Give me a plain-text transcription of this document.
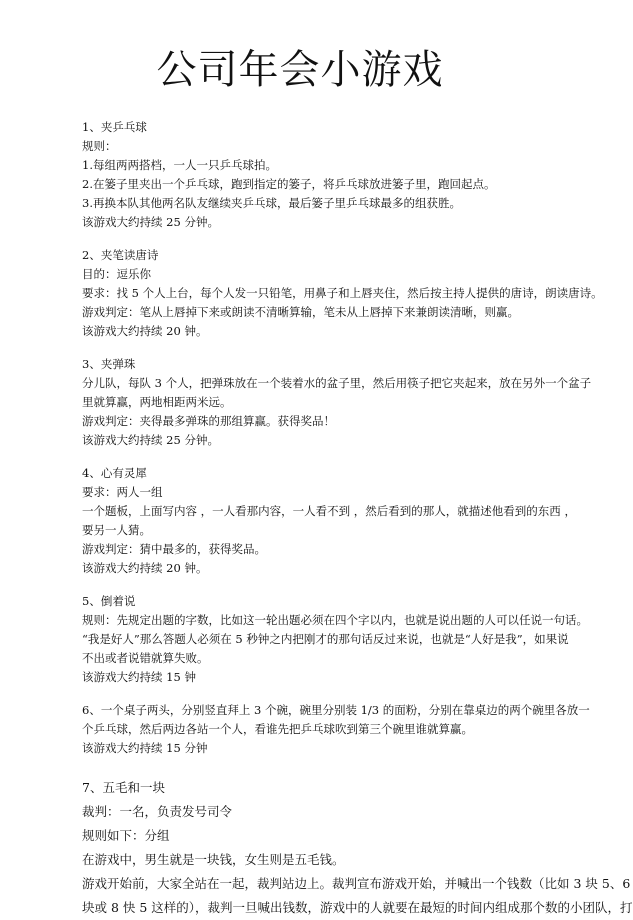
公司年会小游戏

1、夹乒乓球

规则：

1.每组两两搭档，一人一只乒乓球拍。

2.在篓子里夹出一个乒乓球，跑到指定的篓子，将乒乓球放进篓子里，跑回起点。

3.再换本队其他两名队友继续夹乒乓球，最后篓子里乒乓球最多的组获胜。

该游戏大约持续 25 分钟。

2、夹笔读唐诗

目的：逗乐你

要求：找 5 个人上台，每个人发一只铅笔，用鼻子和上唇夹住，然后按主持人提供的唐诗，朗读唐诗。

游戏判定：笔从上唇掉下来或朗读不清晰算输，笔未从上唇掉下来兼朗读清晰，则赢。

该游戏大约持续 20 钟。

3、夹弹珠

分儿队，每队 3 个人，把弹珠放在一个装着水的盆子里，然后用筷子把它夹起来，放在另外一个盆子

里就算赢，两地相距两米远。

游戏判定：夹得最多弹珠的那组算赢。获得奖品！

该游戏大约持续 25 分钟。

4、心有灵犀

要求：两人一组

一个题板，上面写内容 ，一人看那内容，一人看不到 ，然后看到的那人，就描述他看到的东西 ，

要另一人猜。

游戏判定：猜中最多的，获得奖品。

该游戏大约持续 20 钟。

5、倒着说

规则：先规定出题的字数，比如这一轮出题必须在四个字以内，也就是说出题的人可以任说一句话。

“我是好人”那么答题人必须在 5 秒钟之内把刚才的那句话反过来说，也就是“人好是我”，如果说

不出或者说错就算失败。

该游戏大约持续 15 钟

6、一个桌子两头，分别竖直拜上 3 个碗，碗里分别装 1/3 的面粉，分别在靠桌边的两个碗里各放一

个乒乓球，然后两边各站一个人，看谁先把乒乓球吹到第三个碗里谁就算赢。

该游戏大约持续 15 分钟

7、五毛和一块

裁判：一名，负责发号司令

规则如下：分组

在游戏中，男生就是一块钱，女生则是五毛钱。

游戏开始前，大家全站在一起，裁判站边上。裁判宣布游戏开始，并喊出一个钱数（比如 3 块 5、6

块或 8 快 5 这样的），裁判一旦喊出钱数，游戏中的人就要在最短的时间内组成那个数的小团队，打
